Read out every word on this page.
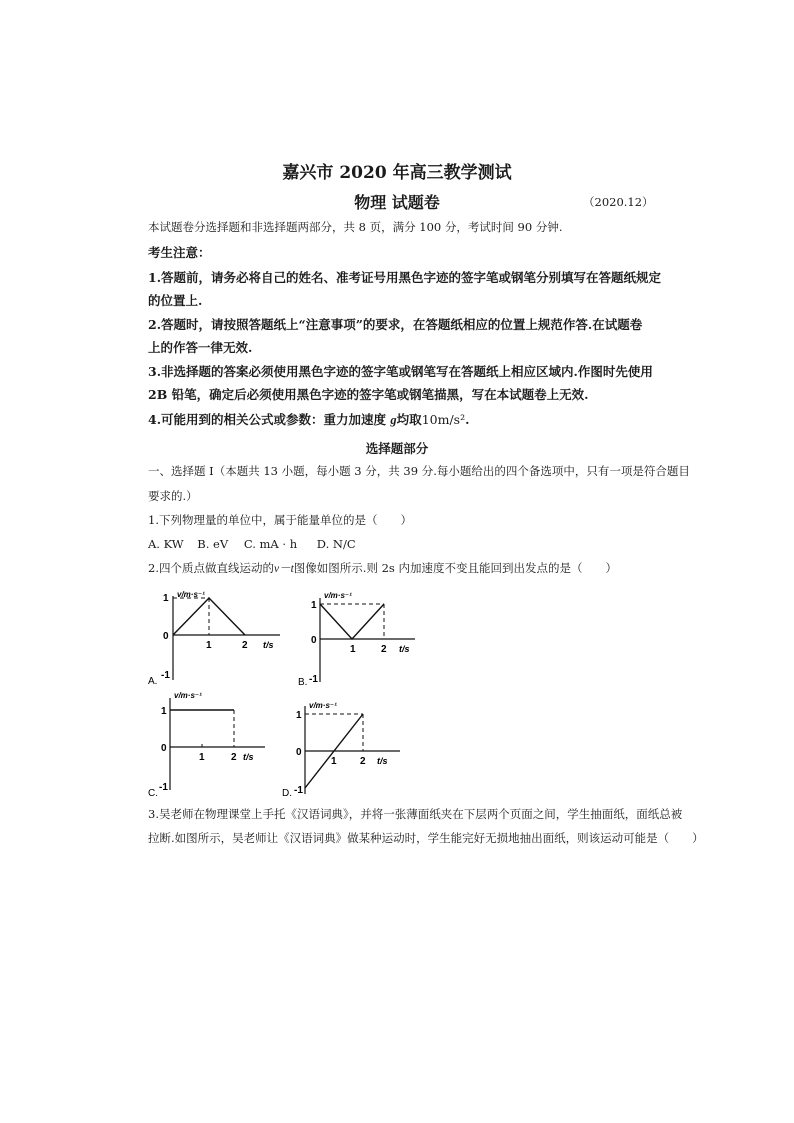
嘉兴市 2020 年高三教学测试
物理 试题卷	（2020.12）
本试题卷分选择题和非选择题两部分，共 8 页，满分 100 分，考试时间 90 分钟.
考生注意：
1.答题前，请务必将自己的姓名、准考证号用黑色字迹的签字笔或钢笔分别填写在答题纸规定
的位置上.
2.答题时，请按照答题纸上“注意事项”的要求，在答题纸相应的位置上规范作答.在试题卷
上的作答一律无效.
3.非选择题的答案必须使用黑色字迹的签字笔或钢笔写在答题纸上相应区域内.作图时先使用
2B 铅笔，确定后必须使用黑色字迹的签字笔或钢笔描黑，写在本试题卷上无效.
4.可能用到的相关公式或参数：重力加速度 g均取10m/s².
选择题部分
一、选择题 I（本题共 13 小题，每小题 3 分，共 39 分.每小题给出的四个备选项中，只有一项是符合题目
要求的.）
1.下列物理量的单位中，属于能量单位的是（　　）
A. KW B. eV C. mA · h D. N/C
2.四个质点做直线运动的v－t图像如图所示.则 2s 内加速度不变且能回到出发点的是（　　）
v/m·s⁻¹
1
0
-1
1	2 t/s
A.
v/m·s⁻¹
1
0
-1
1	2 t/s
B.
v/m·s⁻¹
1
0
-1
1	2 t/s
C.
v/m·s⁻¹
1
0
-1
1 2 t/s
D.
3.吴老师在物理课堂上手托《汉语词典》，并将一张薄面纸夹在下层两个页面之间，学生抽面纸，面纸总被
拉断.如图所示，吴老师让《汉语词典》做某种运动时，学生能完好无损地抽出面纸，则该运动可能是（　　）
